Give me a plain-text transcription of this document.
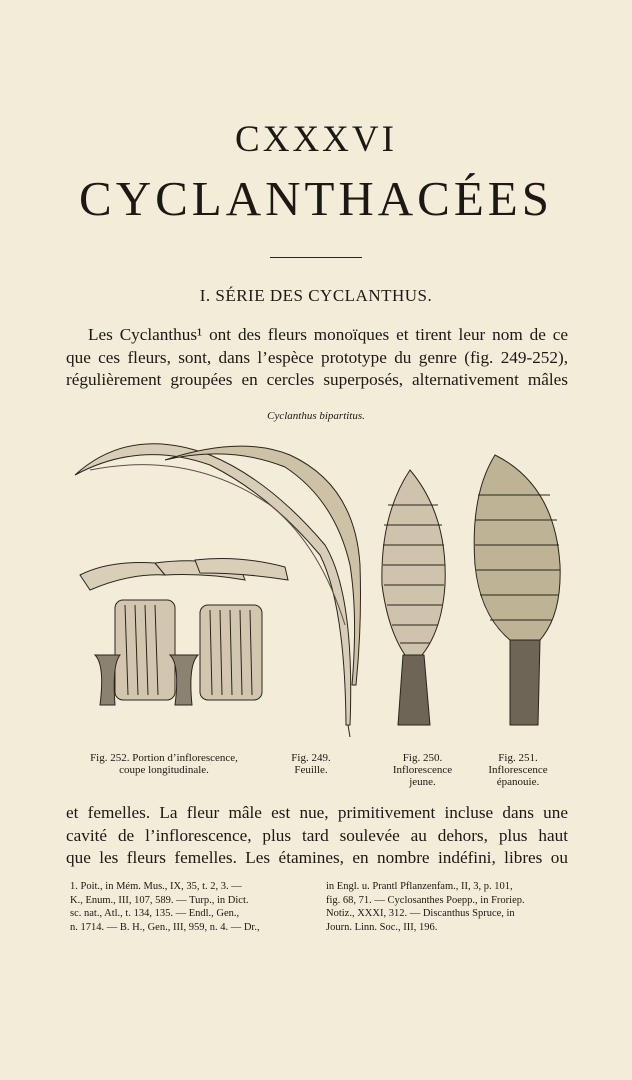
CXXXVI
CYCLANTHACÉES
I. SÉRIE DES CYCLANTHUS.

Les Cyclanthus¹ ont des fleurs monoïques et tirent leur nom de ce
que ces fleurs, sont, dans l’espèce prototype du genre (fig. 249-252),
régulièrement groupées en cercles superposés, alternativement mâles

Cyclanthus bipartitus.
Fig. 252. Portion d’inflorescence,
coupe longitudinale.
Fig. 249.
Feuille.
Fig. 250.
Inflorescence
jeune.
Fig. 251.
Inflorescence
épanouie.

et femelles. La fleur mâle est nue, primitivement incluse dans une
cavité de l’inflorescence, plus tard soulevée au dehors, plus haut
que les fleurs femelles. Les étamines, en nombre indéfini, libres ou

1. Poit., in Mém. Mus., IX, 35, t. 2, 3. —
K., Enum., III, 107, 589. — Turp., in Dict.
sc. nat., Atl., t. 134, 135. — Endl., Gen.,
n. 1714. — B. H., Gen., III, 959, n. 4. — Dr.,
in Engl. u. Prantl Pflanzenfam., II, 3, p. 101,
fig. 68, 71. — Cyclosanthes Poepp., in Froriep.
Notiz., XXXI, 312. — Discanthus Spruce, in
Journ. Linn. Soc., III, 196.
